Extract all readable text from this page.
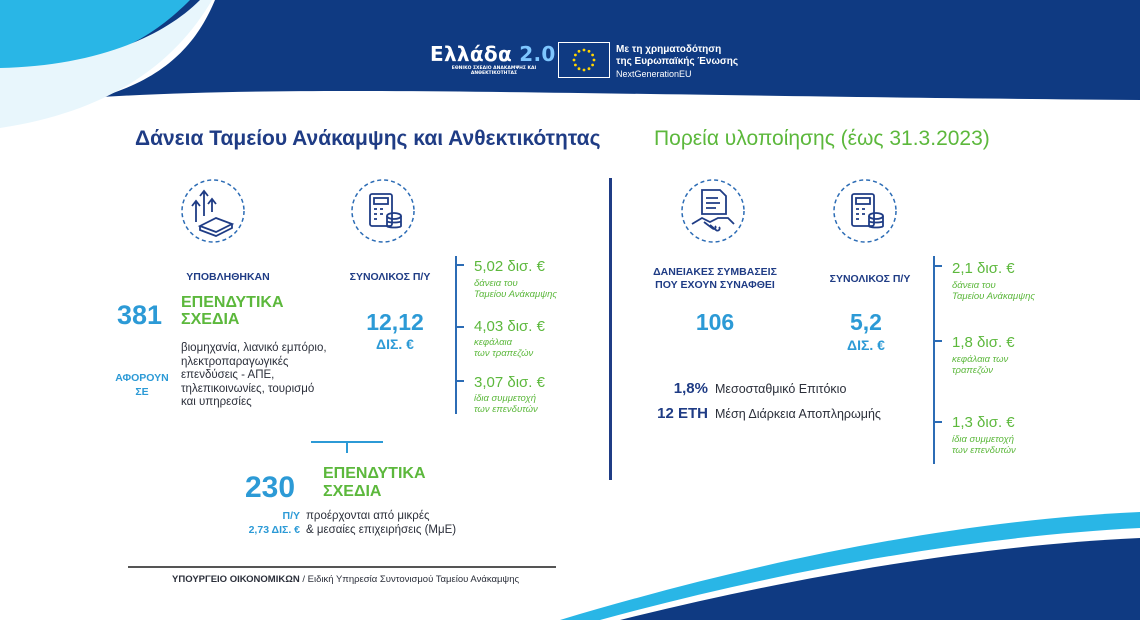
Ελλάδα 2.0
ΕΘΝΙΚΟ ΣΧΕΔΙΟ ΑΝΑΚΑΜΨΗΣ ΚΑΙ ΑΝΘΕΚΤΙΚΟΤΗΤΑΣ
Με τη χρηματοδότηση
της Ευρωπαϊκής Ένωσης
NextGenerationEU
Δάνεια Ταμείου Ανάκαμψης και Ανθεκτικότητας	Πορεία υλοποίησης (έως 31.3.2023)
ΥΠΟΒΛΗΘΗΚΑΝ
381 ΕΠΕΝΔΥΤΙΚΑ
ΣΧΕΔΙΑ
ΑΦΟΡΟΥΝ
ΣΕ
βιομηχανία, λιανικό εμπόριο,
ηλεκτροπαραγωγικές
επενδύσεις - ΑΠΕ,
τηλεπικοινωνίες, τουρισμό
και υπηρεσίες
ΣΥΝΟΛΙΚΟΣ Π/Υ
12,12
ΔΙΣ. €
5,02 δισ. €
δάνεια του
Ταμείου Ανάκαμψης
4,03 δισ. €
κεφάλαια
των τραπεζών
3,07 δισ. €
ίδια συμμετοχή
των επενδυτών
230 ΕΠΕΝΔΥΤΙΚΑ
ΣΧΕΔΙΑ
Π/Υ
2,73 ΔΙΣ. €
προέρχονται από μικρές
& μεσαίες επιχειρήσεις (ΜμΕ)
ΔΑΝΕΙΑΚΕΣ ΣΥΜΒΑΣΕΙΣ
ΠΟΥ ΕΧΟΥΝ ΣΥΝΑΦΘΕΙ
106
ΣΥΝΟΛΙΚΟΣ Π/Υ
5,2
ΔΙΣ. €
1,8% Μεσοσταθμικό Επιτόκιο
12 ΕΤΗ Μέση Διάρκεια Αποπληρωμής
2,1 δισ. €
δάνεια του
Ταμείου Ανάκαμψης
1,8 δισ. €
κεφάλαια των
τραπεζών
1,3 δισ. €
ίδια συμμετοχή
των επενδυτών
ΥΠΟΥΡΓΕΙΟ ΟΙΚΟΝΟΜΙΚΩΝ / Ειδική Υπηρεσία Συντονισμού Ταμείου Ανάκαμψης
